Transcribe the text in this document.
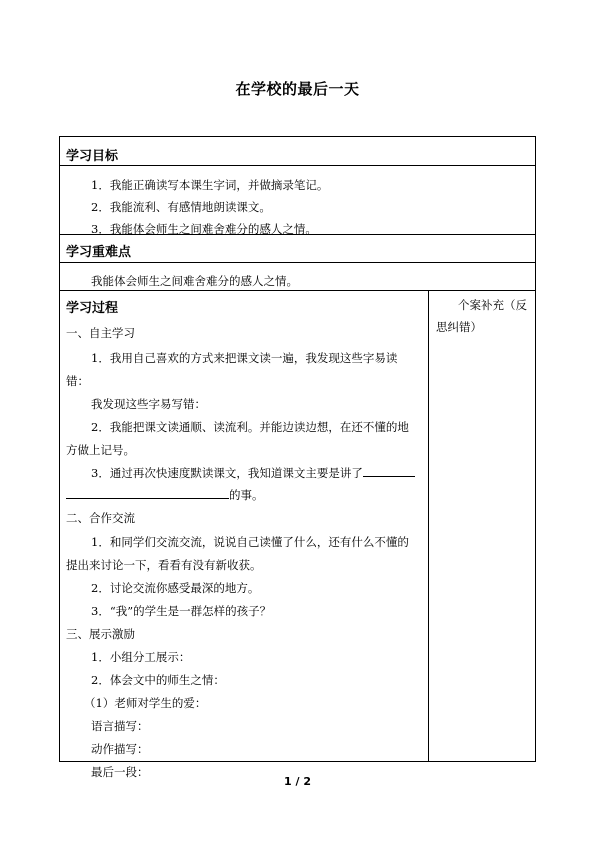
在学校的最后一天
学习目标
1．我能正确读写本课生字词，并做摘录笔记。
2．我能流利、有感情地朗读课文。
3．我能体会师生之间难舍难分的感人之情。
学习重难点
我能体会师生之间难舍难分的感人之情。
学习过程	个案补充（反
思纠错）
一、自主学习
1．我用自己喜欢的方式来把课文读一遍，我发现这些字易读
错：
我发现这些字易写错：
2．我能把课文读通顺、读流利。并能边读边想，在还不懂的地
方做上记号。
3．通过再次快速度默读课文，我知道课文主要是讲了
的事。
二、合作交流
1．和同学们交流交流，说说自己读懂了什么，还有什么不懂的
提出来讨论一下，看看有没有新收获。
2．讨论交流你感受最深的地方。
3．“我”的学生是一群怎样的孩子？
三、展示激励
1．小组分工展示：
2．体会文中的师生之情：
（1）老师对学生的爱：
语言描写：
动作描写：
最后一段：
1 / 2
